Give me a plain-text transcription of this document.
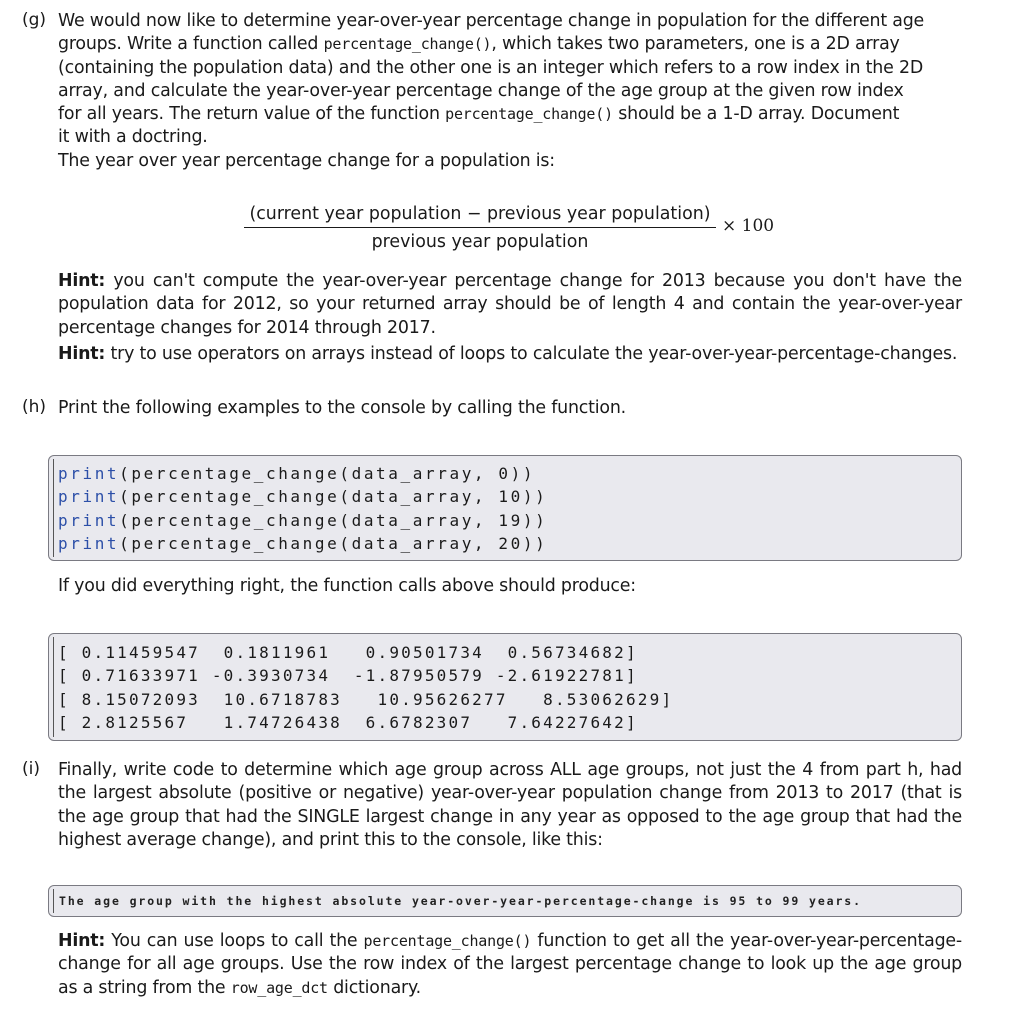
(g) We would now like to determine year-over-year percentage change in population for the different age
groups. Write a function called percentage_change(), which takes two parameters, one is a 2D array
(containing the population data) and the other one is an integer which refers to a row index in the 2D
array, and calculate the year-over-year percentage change of the age group at the given row index
for all years. The return value of the function percentage_change() should be a 1-D array. Document
it with a doctring.
The year over year percentage change for a population is:
(current year population − previous year population)
previous year population
× 100
Hint: you can't compute the year-over-year percentage change for 2013 because you don't have the population data for 2012, so your returned array should be of length 4 and contain the year-over-year percentage changes for 2014 through 2017.
Hint: try to use operators on arrays instead of loops to calculate the year-over-year-percentage-changes.
(h) Print the following examples to the console by calling the function.
print(percentage_change(data_array, 0))
print(percentage_change(data_array, 10))
print(percentage_change(data_array, 19))
print(percentage_change(data_array, 20))
If you did everything right, the function calls above should produce:
[ 0.11459547  0.1811961   0.90501734  0.56734682]
[ 0.71633971 -0.3930734  -1.87950579 -2.61922781]
[ 8.15072093  10.6718783   10.95626277   8.53062629]
[ 2.8125567   1.74726438  6.6782307   7.64227642]
(i) Finally, write code to determine which age group across ALL age groups, not just the 4 from part h, had the largest absolute (positive or negative) year-over-year population change from 2013 to 2017 (that is the age group that had the SINGLE largest change in any year as opposed to the age group that had the highest average change), and print this to the console, like this:
The age group with the highest absolute year-over-year-percentage-change is 95 to 99 years.
Hint: You can use loops to call the percentage_change() function to get all the year-over-year-percentage-change for all age groups. Use the row index of the largest percentage change to look up the age group as a string from the row_age_dct dictionary.
